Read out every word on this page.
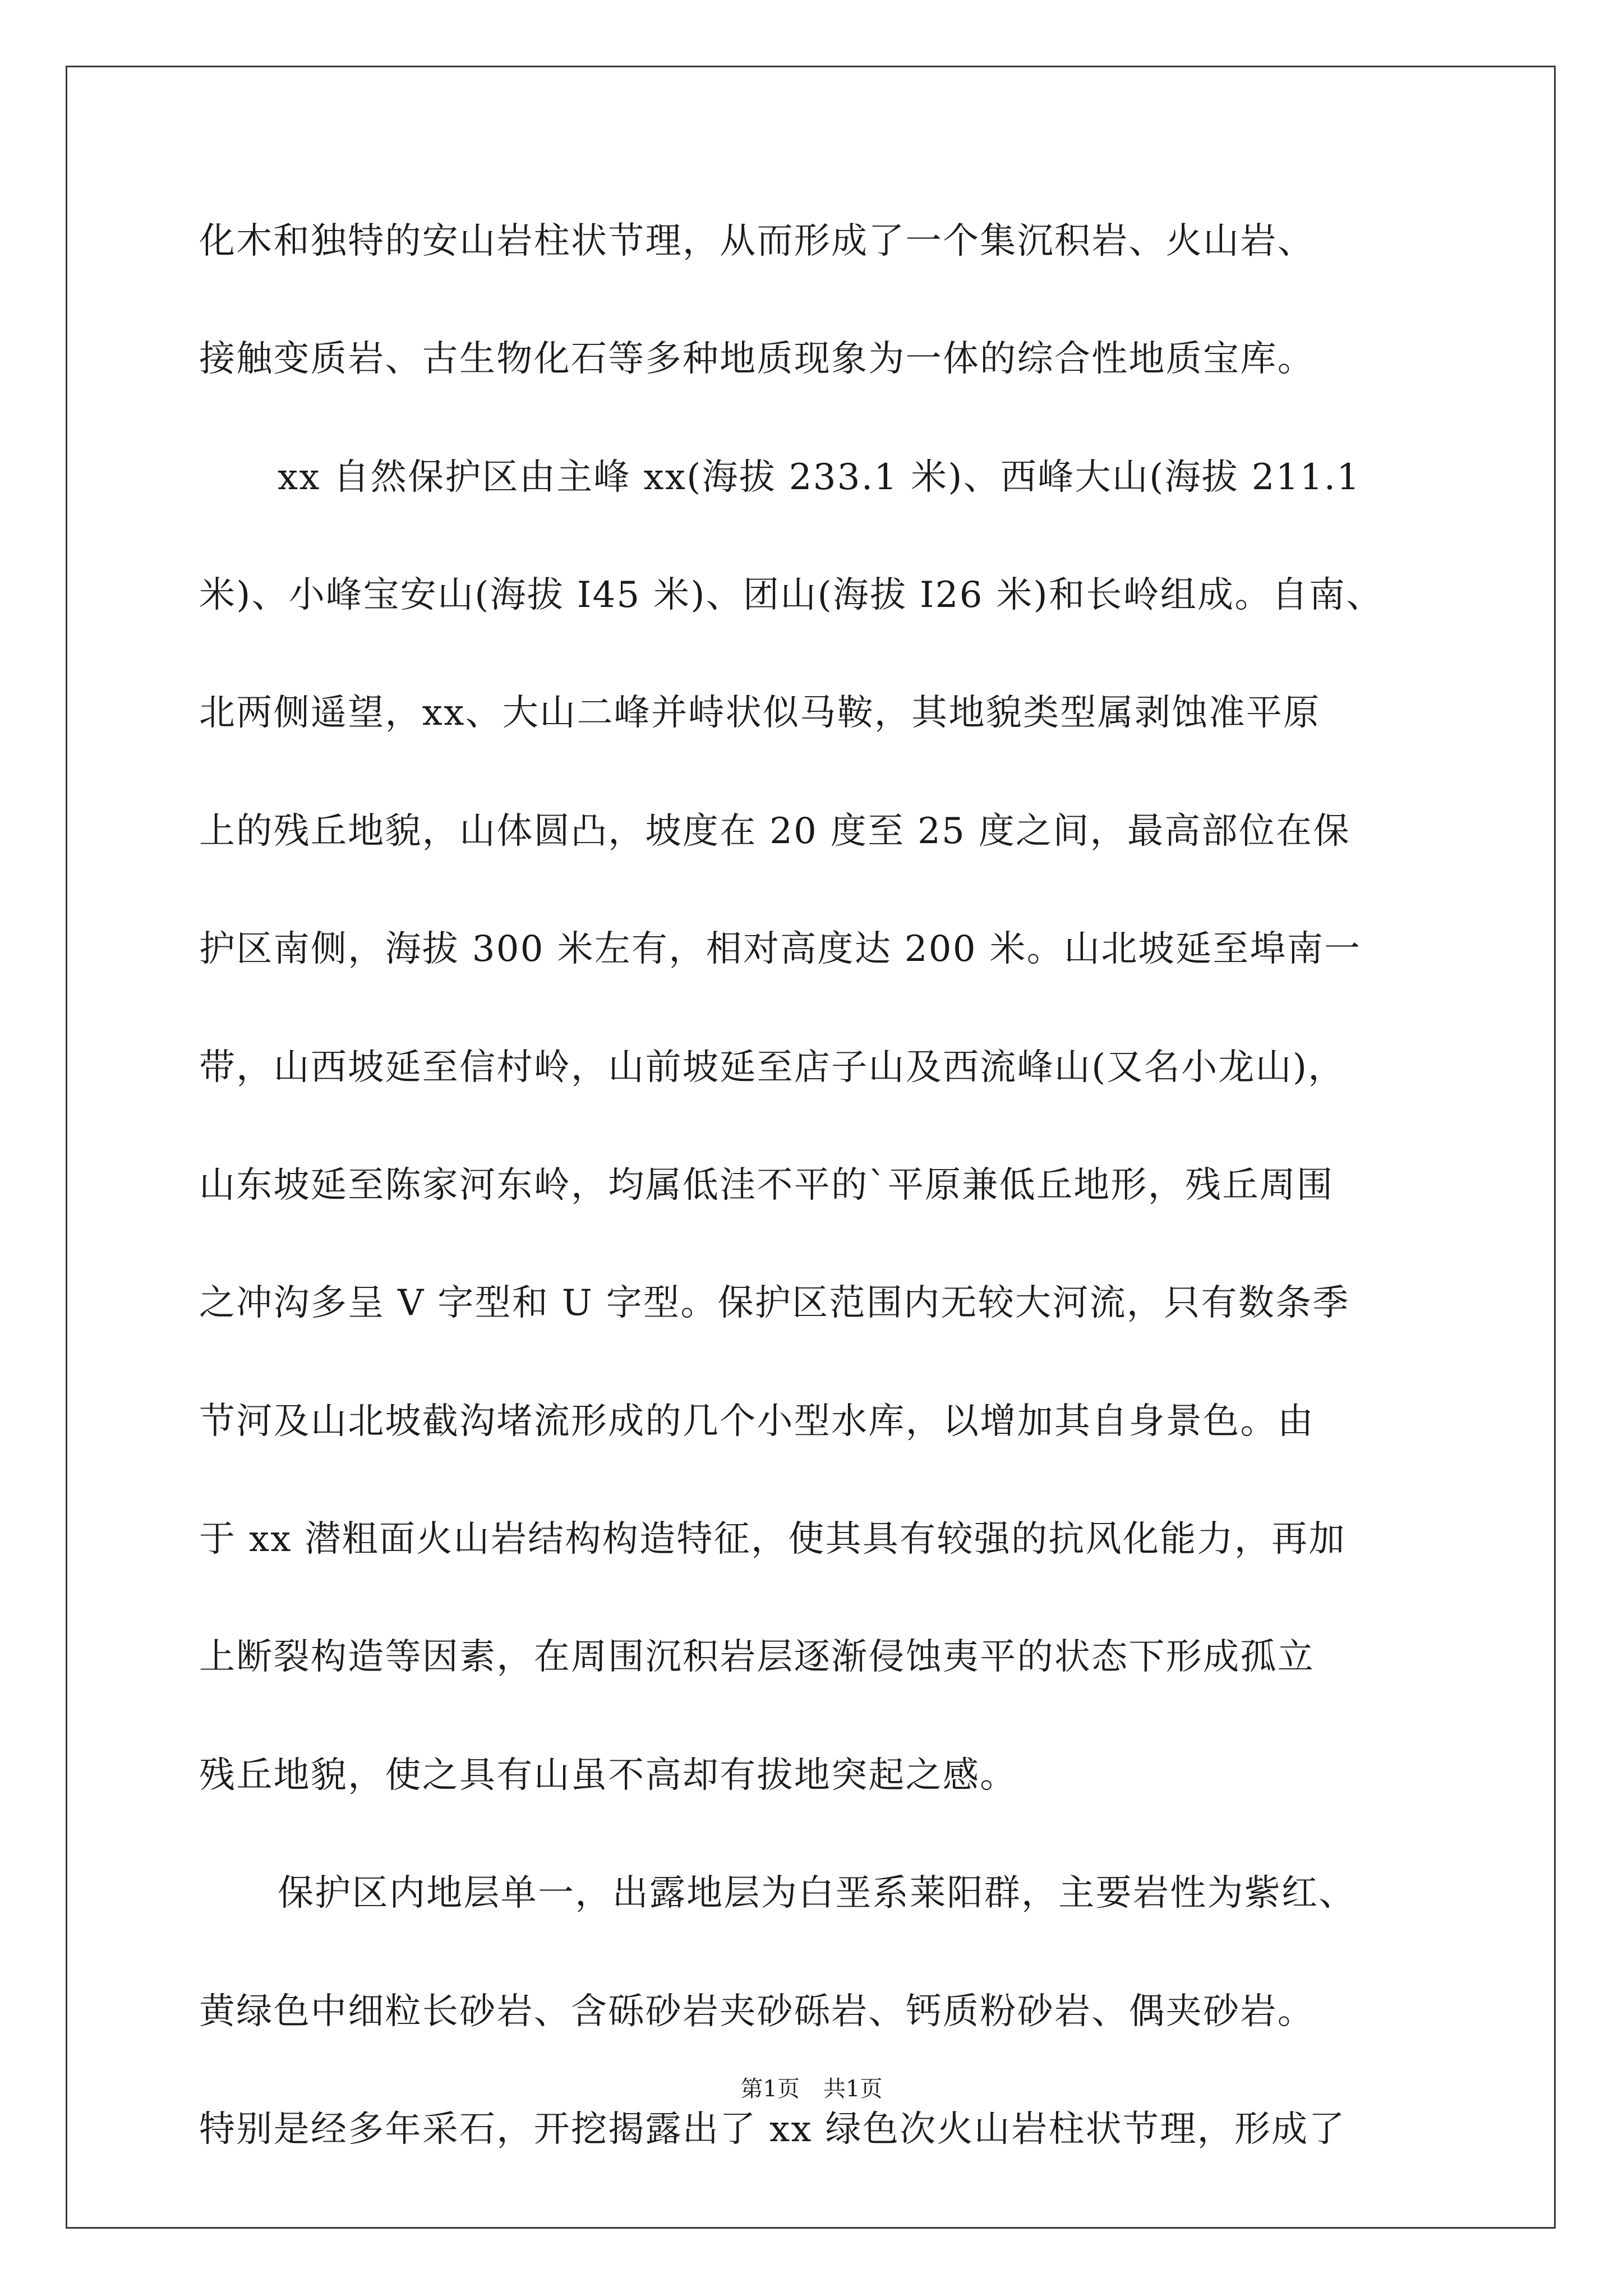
化木和独特的安山岩柱状节理，从而形成了一个集沉积岩、火山岩、
接触变质岩、古生物化石等多种地质现象为一体的综合性地质宝库。
xx 自然保护区由主峰 xx(海拔 233.1 米)、西峰大山(海拔 211.1
米)、小峰宝安山(海拔 I45 米)、团山(海拔 I26 米)和长岭组成。自南、
北两侧遥望，xx、大山二峰并峙状似马鞍，其地貌类型属剥蚀准平原
上的残丘地貌，山体圆凸，坡度在 20 度至 25 度之间，最高部位在保
护区南侧，海拔 300 米左有，相对高度达 200 米。山北坡延至埠南一
带，山西坡延至信村岭，山前坡延至店子山及西流峰山(又名小龙山)，
山东坡延至陈家河东岭，均属低洼不平的`平原兼低丘地形，残丘周围
之冲沟多呈 V 字型和 U 字型。保护区范围内无较大河流，只有数条季
节河及山北坡截沟堵流形成的几个小型水库，以增加其自身景色。由
于 xx 潜粗面火山岩结构构造特征，使其具有较强的抗风化能力，再加
上断裂构造等因素，在周围沉积岩层逐渐侵蚀夷平的状态下形成孤立
残丘地貌，使之具有山虽不高却有拔地突起之感。
保护区内地层单一，出露地层为白垩系莱阳群，主要岩性为紫红、
黄绿色中细粒长砂岩、含砾砂岩夹砂砾岩、钙质粉砂岩、偶夹砂岩。
特别是经多年采石，开挖揭露出了 xx 绿色次火山岩柱状节理，形成了
第1页 共1页
